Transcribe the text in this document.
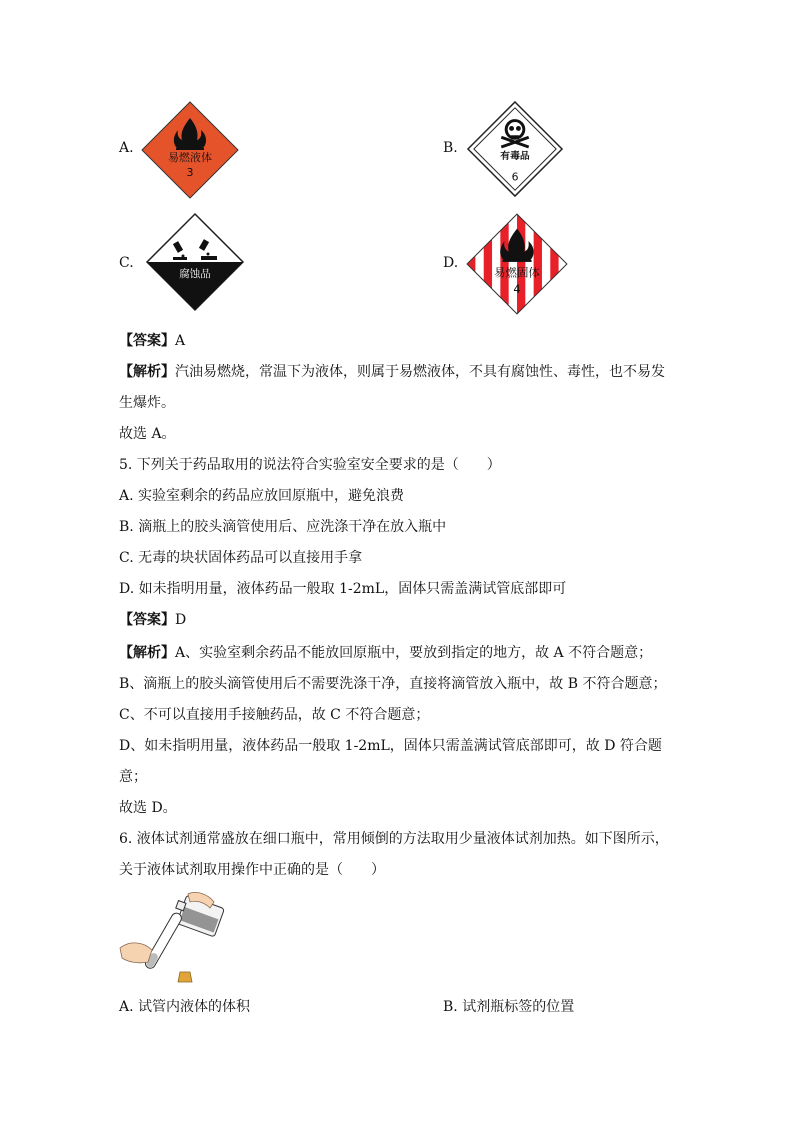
A.
易燃液体
3
B.
有毒品
6
C.
腐蚀品
D.
易燃固体
4
【答案】A
【解析】汽油易燃烧，常温下为液体，则属于易燃液体，不具有腐蚀性、毒性，也不易发
生爆炸。
故选 A。
5. 下列关于药品取用的说法符合实验室安全要求的是（　　）
A. 实验室剩余的药品应放回原瓶中，避免浪费
B. 滴瓶上的胶头滴管使用后、应洗涤干净在放入瓶中
C. 无毒的块状固体药品可以直接用手拿
D. 如未指明用量，液体药品一般取 1-2mL，固体只需盖满试管底部即可
【答案】D
【解析】A、实验室剩余药品不能放回原瓶中，要放到指定的地方，故 A 不符合题意；
B、滴瓶上的胶头滴管使用后不需要洗涤干净，直接将滴管放入瓶中，故 B 不符合题意；
C、不可以直接用手接触药品，故 C 不符合题意；
D、如未指明用量，液体药品一般取 1-2mL，固体只需盖满试管底部即可，故 D 符合题
意；
故选 D。
6. 液体试剂通常盛放在细口瓶中，常用倾倒的方法取用少量液体试剂加热。如下图所示，
关于液体试剂取用操作中正确的是（　　）
A. 试管内液体的体积	B. 试剂瓶标签的位置
